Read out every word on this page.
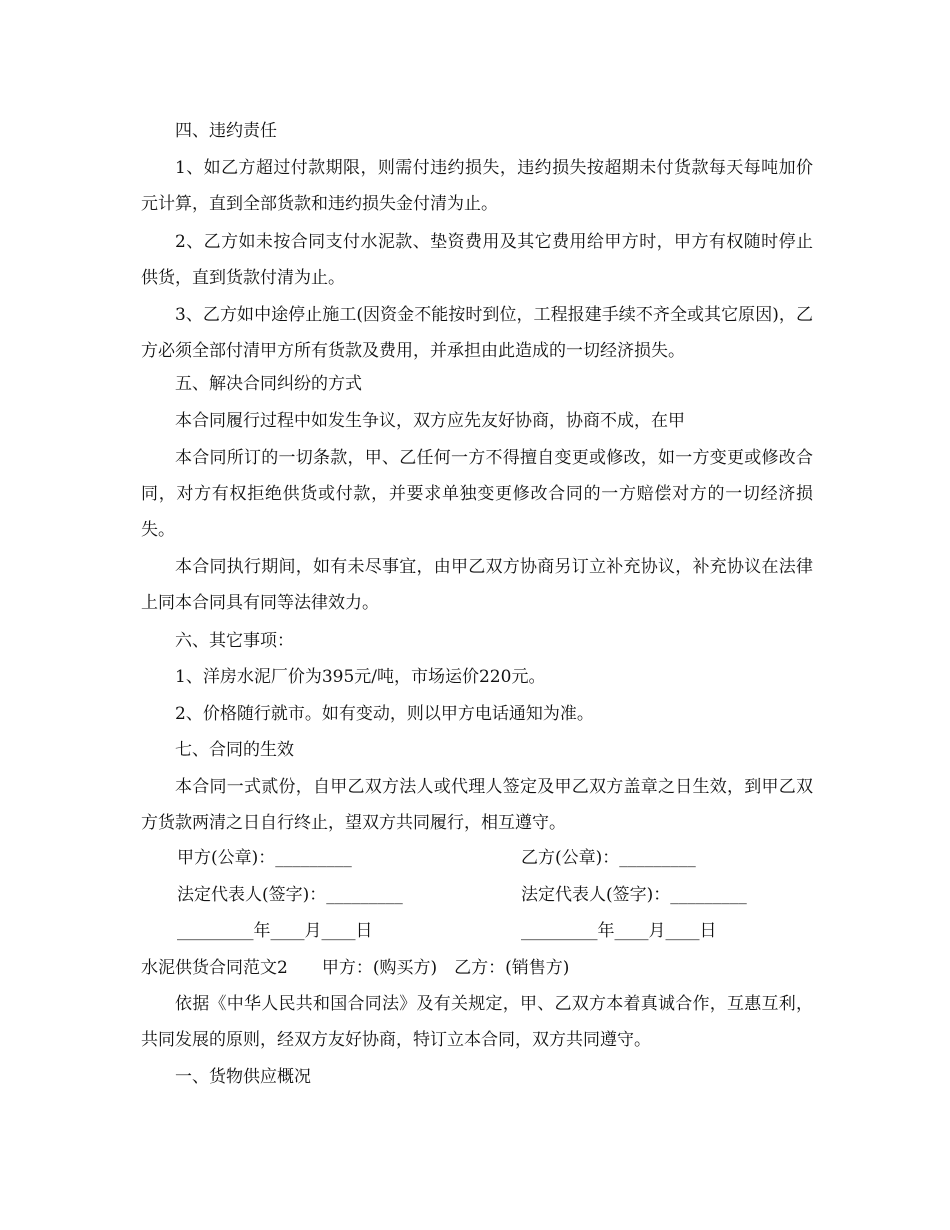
四、违约责任

1、如乙方超过付款期限，则需付违约损失，违约损失按超期未付货款每天每吨加价 元计算，直到全部货款和违约损失金付清为止。

2、乙方如未按合同支付水泥款、垫资费用及其它费用给甲方时，甲方有权随时停止供货，直到货款付清为止。

3、乙方如中途停止施工(因资金不能按时到位，工程报建手续不齐全或其它原因)，乙方必须全部付清甲方所有货款及费用，并承担由此造成的一切经济损失。

五、解决合同纠纷的方式

本合同履行过程中如发生争议，双方应先友好协商，协商不成，在甲

本合同所订的一切条款，甲、乙任何一方不得擅自变更或修改，如一方变更或修改合同，对方有权拒绝供货或付款，并要求单独变更修改合同的一方赔偿对方的一切经济损失。

本合同执行期间，如有未尽事宜，由甲乙双方协商另订立补充协议，补充协议在法律上同本合同具有同等法律效力。

六、其它事项：

1、洋房水泥厂价为395元/吨，市场运价220元。

2、价格随行就市。如有变动，则以甲方电话通知为准。

七、合同的生效

本合同一式贰份，自甲乙双方法人或代理人签定及甲乙双方盖章之日生效，到甲乙双方货款两清之日自行终止，望双方共同履行，相互遵守。

甲方(公章)：_________	乙方(公章)：_________
法定代表人(签字)：_________	法定代表人(签字)：_________
_________年____月____日	_________年____月____日

水泥供货合同范文2　　甲方：(购买方)　乙方：(销售方)

依据《中华人民共和国合同法》及有关规定，甲、乙双方本着真诚合作，互惠互利，共同发展的原则，经双方友好协商，特订立本合同，双方共同遵守。

一、货物供应概况
